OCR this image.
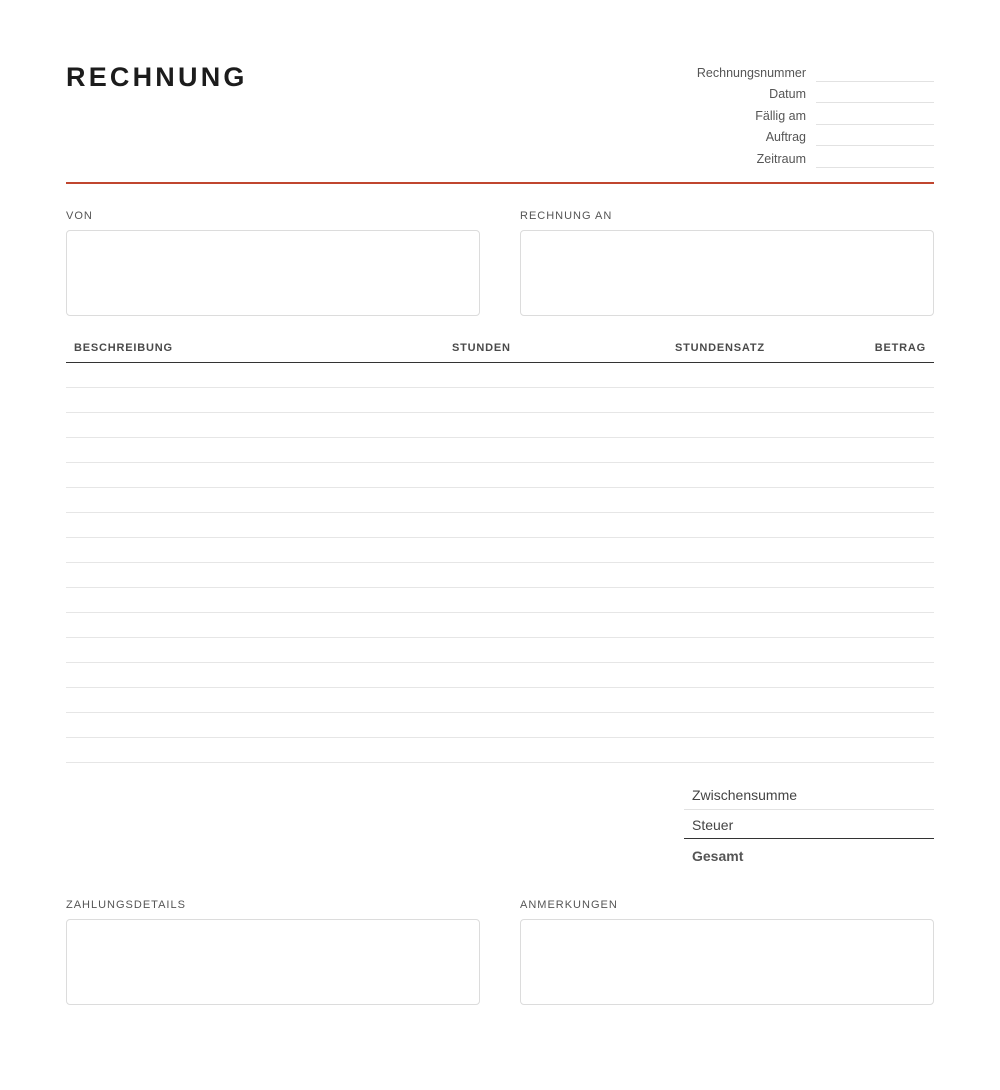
RECHNUNG	Rechnungsnummer
Datum
Fällig am
Auftrag
Zeitraum
VON	RECHNUNG AN
BESCHREIBUNG	STUNDEN	STUNDENSATZ	BETRAG
Zwischensumme
Steuer
Gesamt
ZAHLUNGSDETAILS	ANMERKUNGEN
